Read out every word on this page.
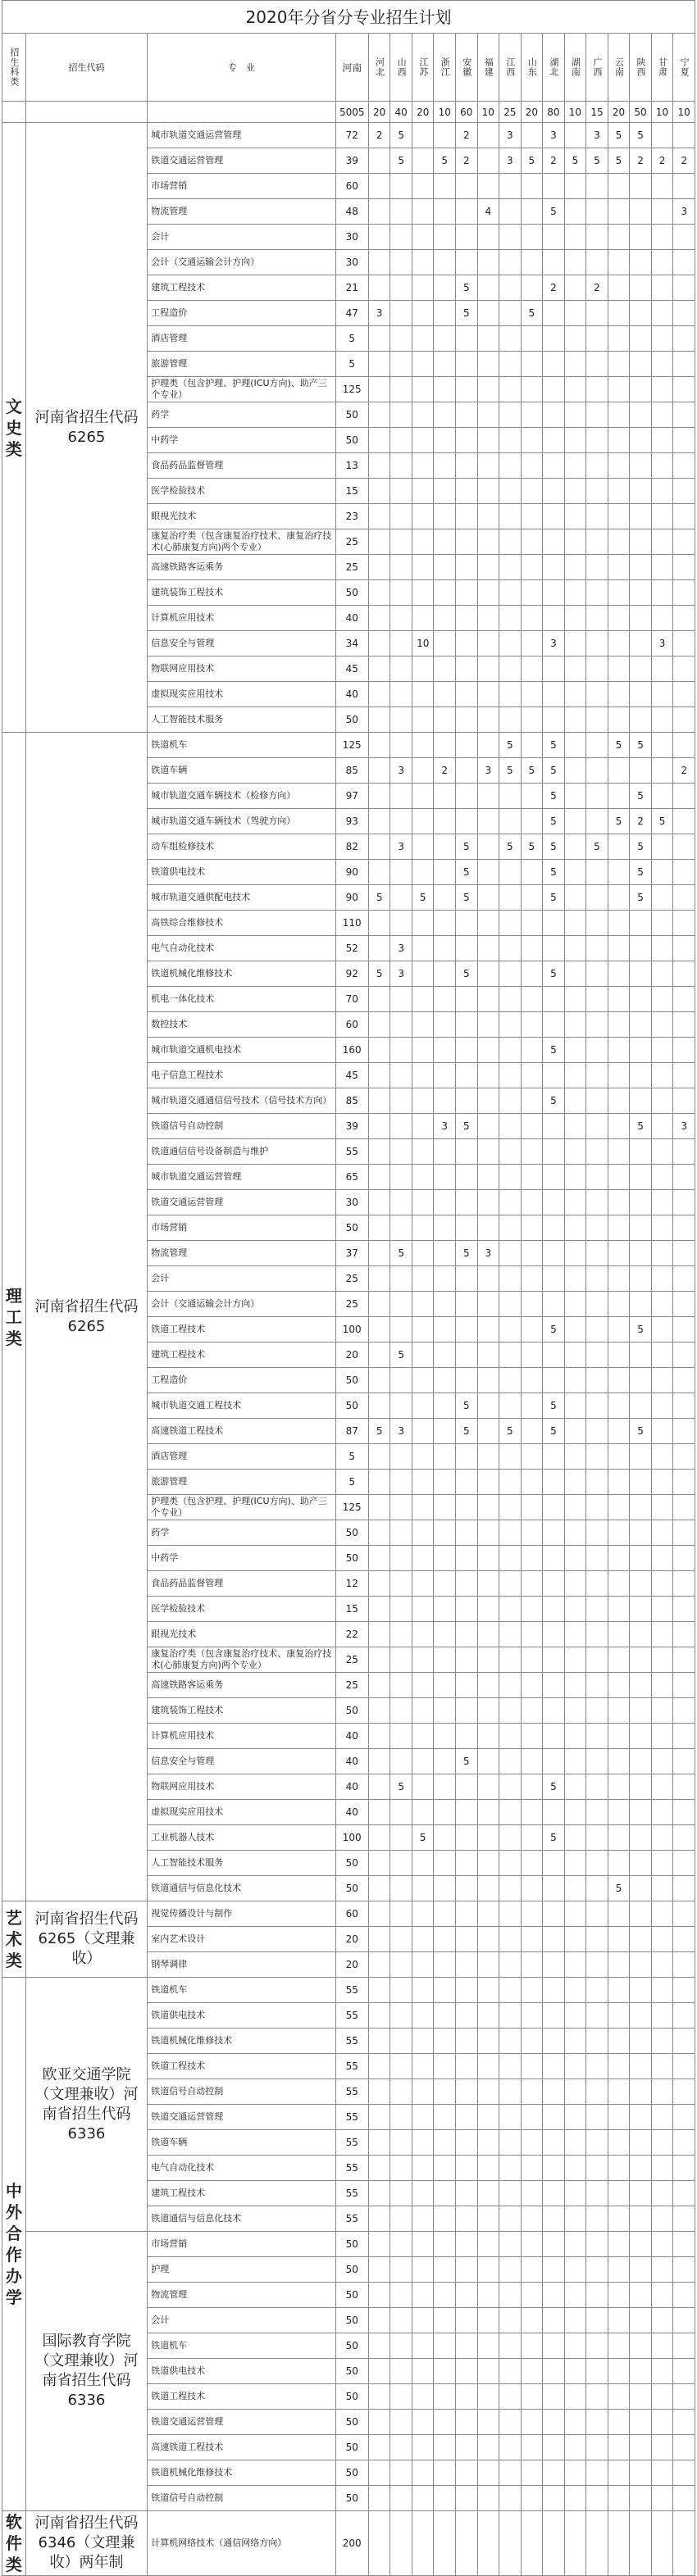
2020年分省分专业招生计划
招生科类	招生代码	专　业	河南	河北	山西	江苏	浙江	安徽	福建	江西	山东	湖北	湖南	广西	云南	陕西	甘肃	宁夏
			5005	20	40	20	10	60	10	25	20	80	10	15	20	50	10	10
文史类	河南省招生代码6265	城市轨道交通运营管理	72	2	5			2		3		3		3	5	5		
		铁道交通运营管理	39		5		5	2		3	5	2	5	5	5	2	2	2
		市场营销	60															
		物流管理	48						4			5						3
		会计	30															
		会计（交通运输会计方向）	30															
		建筑工程技术	21					5				2		2				
		工程造价	47	3				5			5							
		酒店管理	5															
		旅游管理	5															
		护理类（包含护理、护理(ICU方向)、助产三个专业）	125															
		药学	50															
		中药学	50															
		食品药品监督管理	13															
		医学检验技术	15															
		眼视光技术	23															
		康复治疗类（包含康复治疗技术、康复治疗技术(心肺康复方向)两个专业）	25															
		高速铁路客运乘务	25															
		建筑装饰工程技术	50															
		计算机应用技术	40															
		信息安全与管理	34			10						3					3	
		物联网应用技术	45															
		虚拟现实应用技术	40															
		人工智能技术服务	50															
理工类	河南省招生代码6265	铁道机车	125							5		5			5	5		
		铁道车辆	85		3		2		3	5	5	5						2
		城市轨道交通车辆技术（检修方向）	97									5				5		
		城市轨道交通车辆技术（驾驶方向）	93									5			5	2	5	
		动车组检修技术	82		3			5		5	5	5		5		5		
		铁道供电技术	90					5				5				5		
		城市轨道交通供配电技术	90	5		5		5				5				5		
		高铁综合维修技术	110															
		电气自动化技术	52		3													
		铁道机械化维修技术	92	5	3			5				5						
		机电一体化技术	70															
		数控技术	60															
		城市轨道交通机电技术	160									5						
		电子信息工程技术	45															
		城市轨道交通通信信号技术（信号技术方向）	85									5						
		铁道信号自动控制	39				3	5								5		3
		铁道通信信号设备制造与维护	55															
		城市轨道交通运营管理	65															
		铁道交通运营管理	30															
		市场营销	50															
		物流管理	37		5			5	3									
		会计	25															
		会计（交通运输会计方向）	25															
		铁道工程技术	100									5				5		
		建筑工程技术	20		5													
		工程造价	50															
		城市轨道交通工程技术	50					5				5						
		高速铁道工程技术	87	5	3			5		5		5				5		
		酒店管理	5															
		旅游管理	5															
		护理类（包含护理、护理(ICU方向)、助产三个专业）	125															
		药学	50															
		中药学	50															
		食品药品监督管理	12															
		医学检验技术	15															
		眼视光技术	22															
		康复治疗类（包含康复治疗技术、康复治疗技术(心肺康复方向)两个专业）	25															
		高速铁路客运乘务	25															
		建筑装饰工程技术	50															
		计算机应用技术	40															
		信息安全与管理	40					5										
		物联网应用技术	40		5							5						
		虚拟现实应用技术	40															
		工业机器人技术	100			5						5						
		人工智能技术服务	50															
		铁道通信与信息化技术	50												5			
艺术类	河南省招生代码6265（文理兼收）	视觉传播设计与制作	60															
		室内艺术设计	20															
		钢琴调律	20															
中外合作办学	欧亚交通学院（文理兼收）河南省招生代码6336	铁道机车	55															
		铁道供电技术	55															
		铁道机械化维修技术	55															
		铁道工程技术	55															
		铁道信号自动控制	55															
		铁道交通运营管理	55															
		铁道车辆	55															
		电气自动化技术	55															
		建筑工程技术	55															
		铁道通信与信息化技术	55															
	国际教育学院（文理兼收）河南省招生代码6336	市场营销	50															
		护理	50															
		物流管理	50															
		会计	50															
		铁道机车	50															
		铁道供电技术	50															
		铁道工程技术	50															
		铁道交通运营管理	50															
		高速铁道工程技术	50															
		铁道机械化维修技术	50															
		铁道信号自动控制	50															
软件类	河南省招生代码6346（文理兼收）两年制	计算机网络技术（通信网络方向）	200															
